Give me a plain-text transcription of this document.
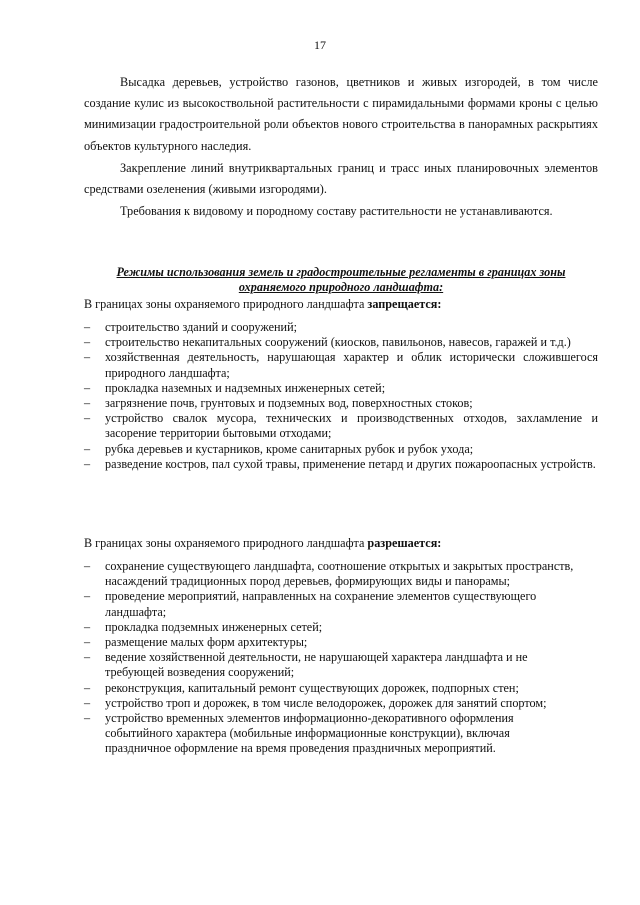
17

Высадка деревьев, устройство газонов, цветников и живых изгородей, в том числе создание кулис из высокоствольной растительности с пирамидальными формами кроны с целью минимизации градостроительной роли объектов нового строительства в панорамных раскрытиях объектов культурного наследия.

Закрепление линий внутриквартальных границ и трасс иных планировочных элементов средствами озеленения (живыми изгородями).

Требования к видовому и породному составу растительности не устанавливаются.

Режимы использования земель и градостроительные регламенты в границах зоны охраняемого природного ландшафта:
В границах зоны охраняемого природного ландшафта запрещается:
– строительство зданий и сооружений;
– строительство некапитальных сооружений (киосков, павильонов, навесов, гаражей и т.д.)
– хозяйственная деятельность, нарушающая характер и облик исторически сложившегося природного ландшафта;
– прокладка наземных и надземных инженерных сетей;
– загрязнение почв, грунтовых и подземных вод, поверхностных стоков;
– устройство свалок мусора, технических и производственных отходов, захламление и засорение территории бытовыми отходами;
– рубка деревьев и кустарников, кроме санитарных рубок и рубок ухода;
– разведение костров, пал сухой травы, применение петард и других пожароопасных устройств.
В границах зоны охраняемого природного ландшафта разрешается:
– сохранение существующего ландшафта, соотношение открытых и закрытых пространств, насаждений традиционных пород деревьев, формирующих виды и панорамы;
– проведение мероприятий, направленных на сохранение элементов существующего ландшафта;
– прокладка подземных инженерных сетей;
– размещение малых форм архитектуры;
– ведение хозяйственной деятельности, не нарушающей характера ландшафта и не требующей возведения сооружений;
– реконструкция, капитальный ремонт существующих дорожек, подпорных стен;
– устройство троп и дорожек, в том числе велодорожек, дорожек для занятий спортом;
– устройство временных элементов информационно-декоративного оформления событийного характера (мобильные информационные конструкции), включая праздничное оформление на время проведения праздничных мероприятий.
